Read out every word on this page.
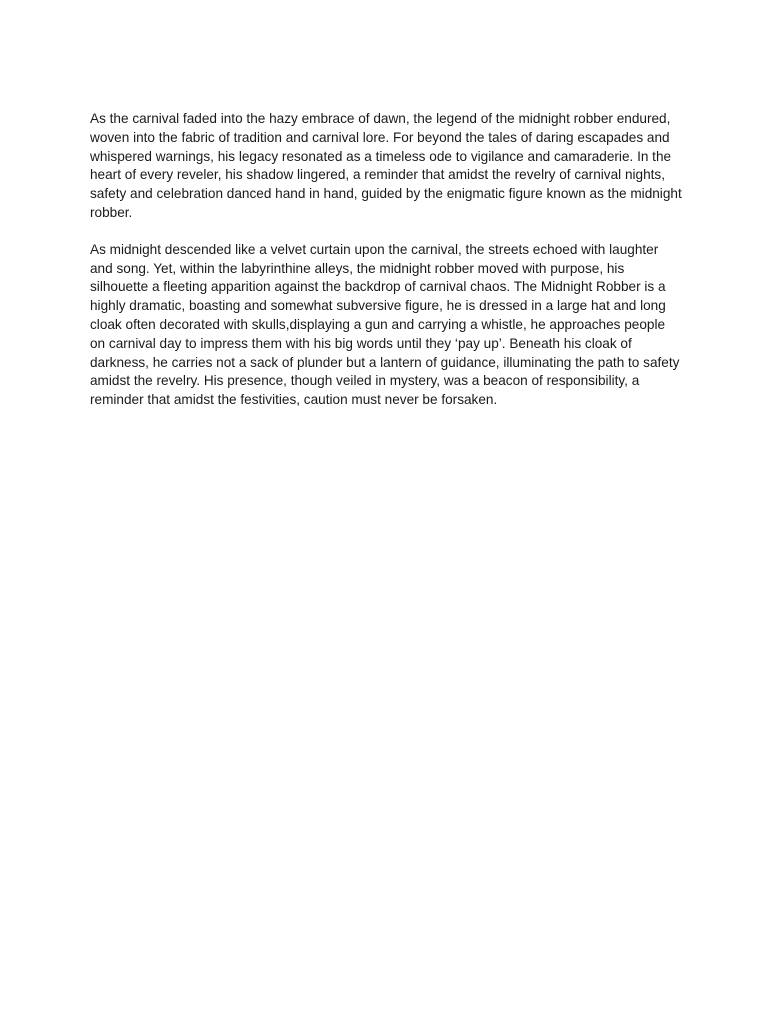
As the carnival faded into the hazy embrace of dawn, the legend of the midnight robber endured, woven into the fabric of tradition and carnival lore. For beyond the tales of daring escapades and whispered warnings, his legacy resonated as a timeless ode to vigilance and camaraderie. In the heart of every reveler, his shadow lingered, a reminder that amidst the revelry of carnival nights, safety and celebration danced hand in hand, guided by the enigmatic figure known as the midnight robber.

As midnight descended like a velvet curtain upon the carnival, the streets echoed with laughter and song. Yet, within the labyrinthine alleys, the midnight robber moved with purpose, his silhouette a fleeting apparition against the backdrop of carnival chaos. The Midnight Robber is a highly dramatic, boasting and somewhat subversive figure, he is dressed in a large hat and long cloak often decorated with skulls,displaying a gun and carrying a whistle, he approaches people on carnival day to impress them with his big words until they ‘pay up’. Beneath his cloak of darkness, he carries not a sack of plunder but a lantern of guidance, illuminating the path to safety amidst the revelry. His presence, though veiled in mystery, was a beacon of responsibility, a reminder that amidst the festivities, caution must never be forsaken.
